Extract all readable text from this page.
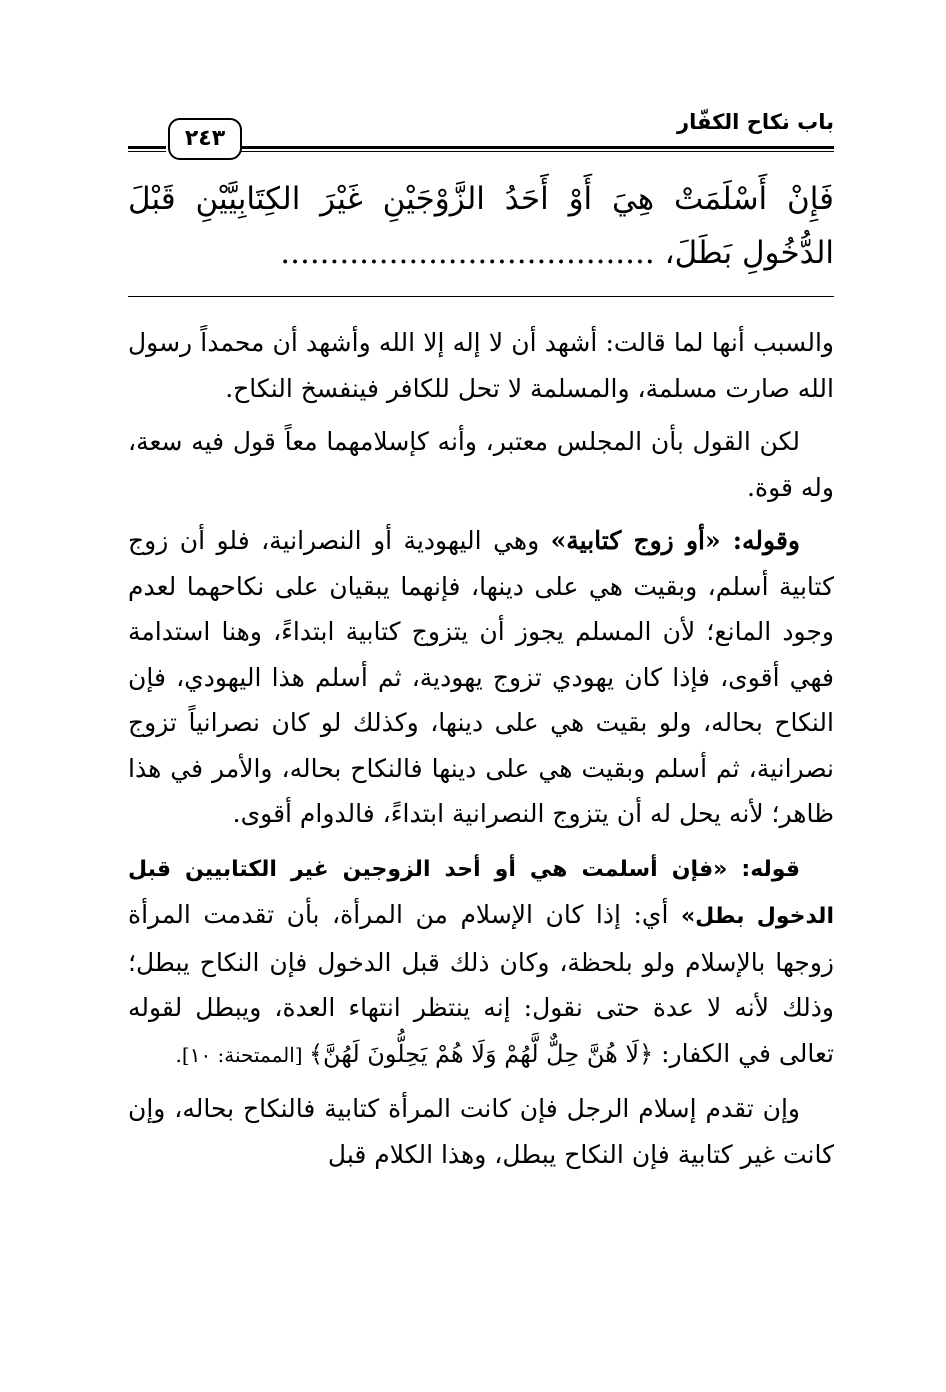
باب نكاح الكفّار
٢٤٣
فَإِنْ أَسْلَمَتْ هِيَ أَوْ أَحَدُ الزَّوْجَيْنِ غَيْرَ الكِتَابِيَّيْنِ قَبْلَ
الدُّخُولِ بَطَلَ، ......................................

والسبب أنها لما قالت: أشهد أن لا إله إلا الله وأشهد أن محمداً رسول الله صارت مسلمة، والمسلمة لا تحل للكافر فينفسخ النكاح.

لكن القول بأن المجلس معتبر، وأنه كإسلامهما معاً قول فيه سعة، وله قوة.

وقوله: «أو زوج كتابية» وهي اليهودية أو النصرانية، فلو أن زوج كتابية أسلم، وبقيت هي على دينها، فإنهما يبقيان على نكاحهما لعدم وجود المانع؛ لأن المسلم يجوز أن يتزوج كتابية ابتداءً، وهنا استدامة فهي أقوى، فإذا كان يهودي تزوج يهودية، ثم أسلم هذا اليهودي، فإن النكاح بحاله، ولو بقيت هي على دينها، وكذلك لو كان نصرانياً تزوج نصرانية، ثم أسلم وبقيت هي على دينها فالنكاح بحاله، والأمر في هذا ظاهر؛ لأنه يحل له أن يتزوج النصرانية ابتداءً، فالدوام أقوى.

قوله: «فإن أسلمت هي أو أحد الزوجين غير الكتابيين قبل الدخول بطل» أي: إذا كان الإسلام من المرأة، بأن تقدمت المرأة زوجها بالإسلام ولو بلحظة، وكان ذلك قبل الدخول فإن النكاح يبطل؛ وذلك لأنه لا عدة حتى نقول: إنه ينتظر انتهاء العدة، ويبطل لقوله تعالى في الكفار: ﴿لَا هُنَّ حِلٌّ لَّهُمْ وَلَا هُمْ يَحِلُّونَ لَهُنَّ﴾ [الممتحنة: ١٠].

وإن تقدم إسلام الرجل فإن كانت المرأة كتابية فالنكاح بحاله، وإن كانت غير كتابية فإن النكاح يبطل، وهذا الكلام قبل
